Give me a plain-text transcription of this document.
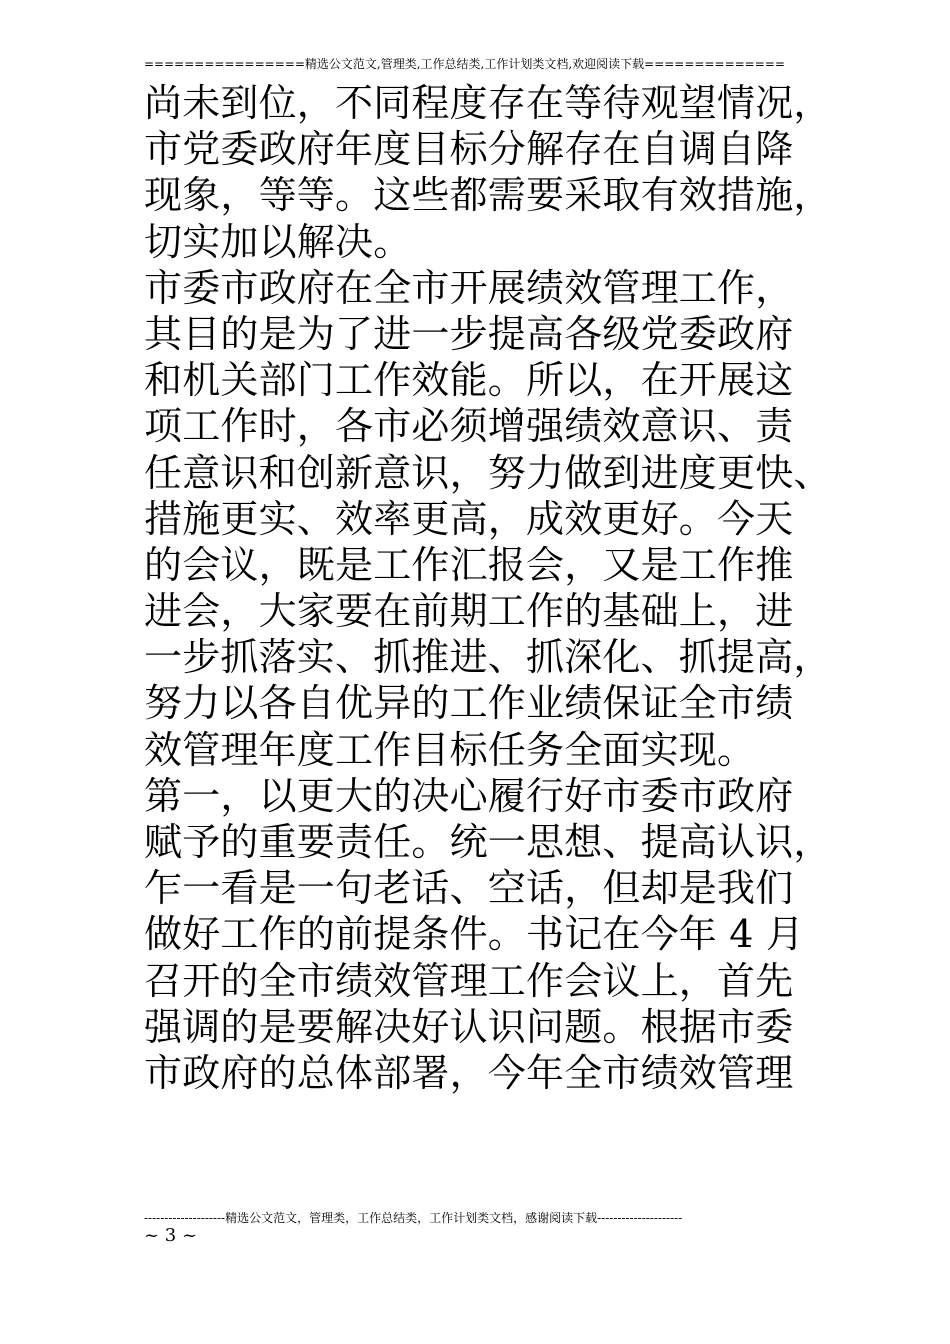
================精选公文范文,管理类,工作总结类,工作计划类文档,欢迎阅读下载==============
尚未到位，不同程度存在等待观望情况，
市党委政府年度目标分解存在自调自降
现象，等等。这些都需要采取有效措施，
切实加以解决。
市委市政府在全市开展绩效管理工作，
其目的是为了进一步提高各级党委政府
和机关部门工作效能。所以，在开展这
项工作时，各市必须增强绩效意识、责
任意识和创新意识，努力做到进度更快、
措施更实、效率更高，成效更好。今天
的会议，既是工作汇报会，又是工作推
进会，大家要在前期工作的基础上，进
一步抓落实、抓推进、抓深化、抓提高，
努力以各自优异的工作业绩保证全市绩
效管理年度工作目标任务全面实现。
第一，以更大的决心履行好市委市政府
赋予的重要责任。统一思想、提高认识，
乍一看是一句老话、空话，但却是我们
做好工作的前提条件。书记在今年 4 月
召开的全市绩效管理工作会议上，首先
强调的是要解决好认识问题。根据市委
市政府的总体部署，今年全市绩效管理
--------------------精选公文范文，管理类，工作总结类，工作计划类文档，感谢阅读下载---------------------
~ 3 ~
